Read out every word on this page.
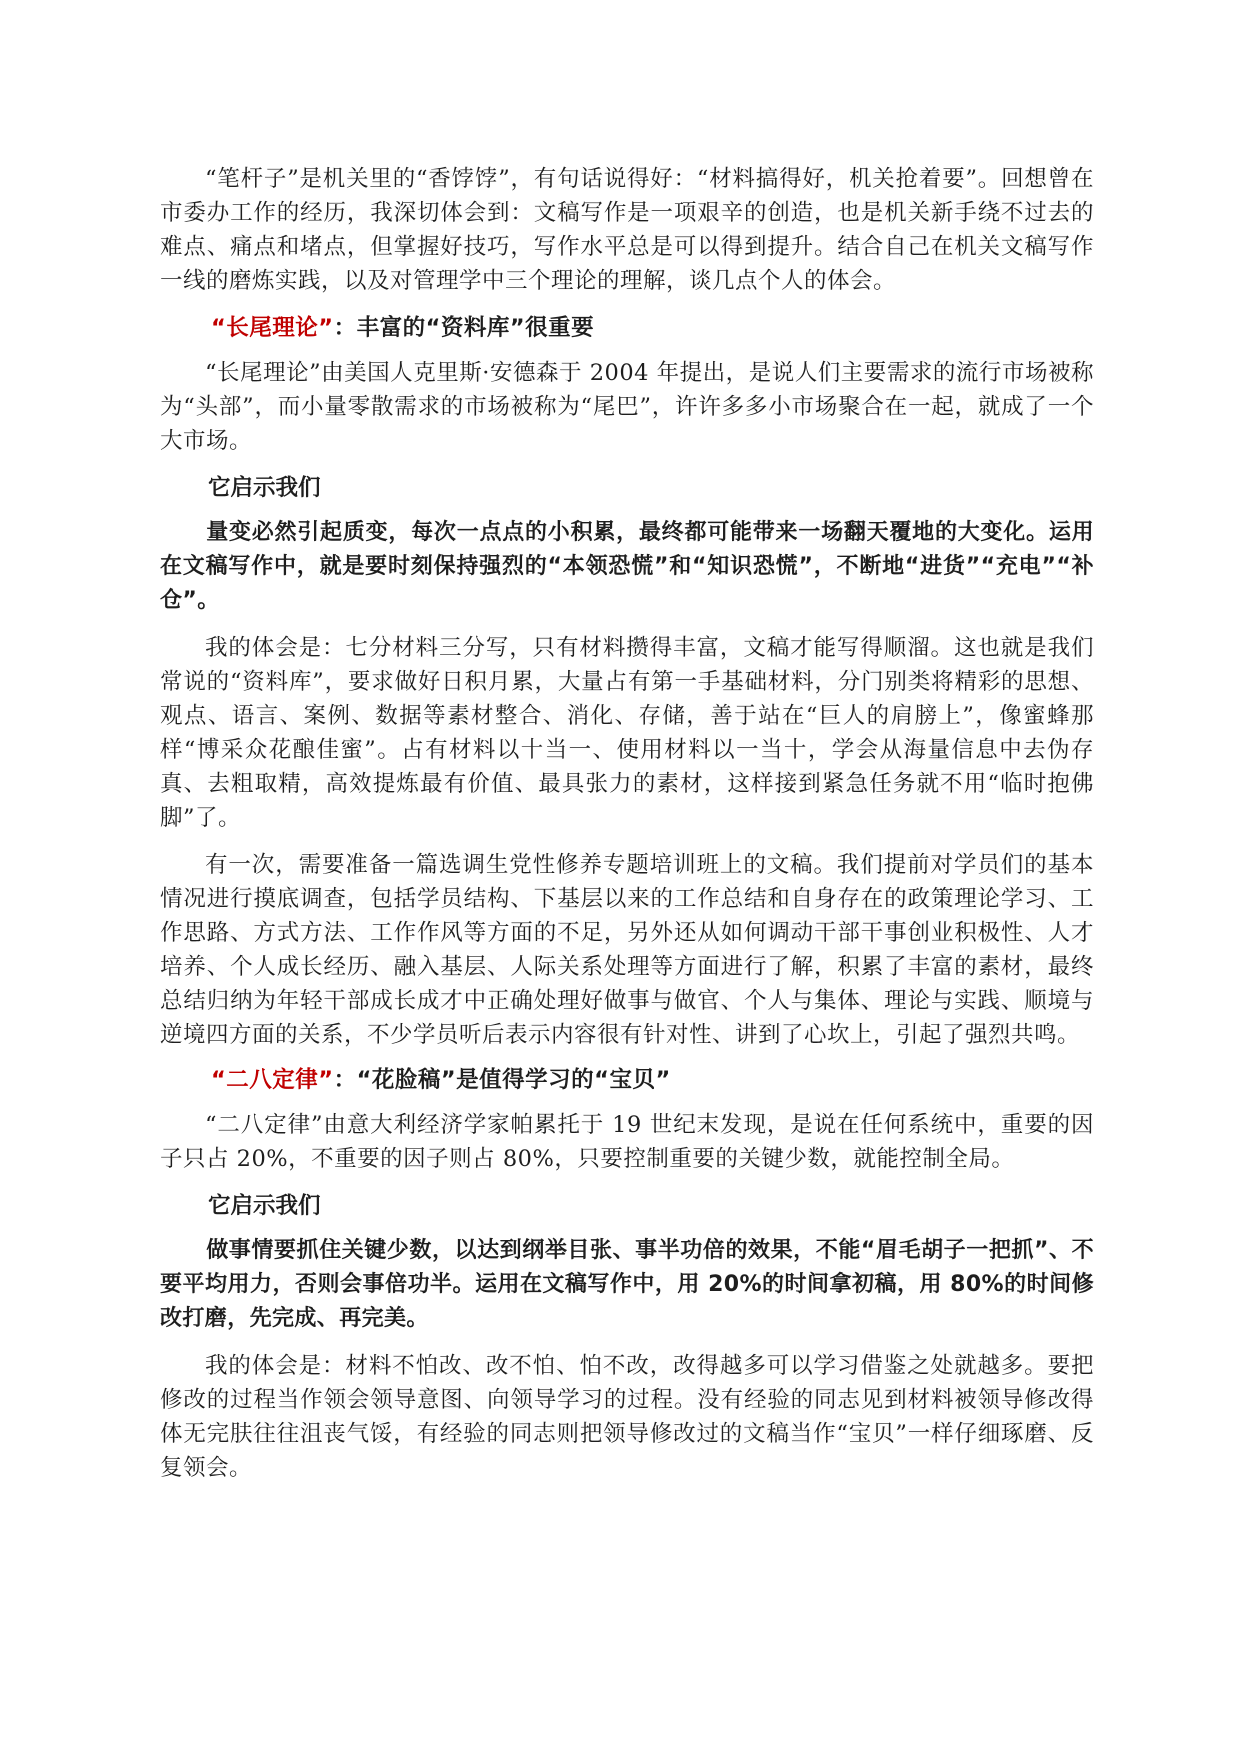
“笔杆子”是机关里的“香饽饽”，有句话说得好：“材料搞得好，机关抢着要”。回想曾在市委办工作的经历，我深切体会到：文稿写作是一项艰辛的创造，也是机关新手绕不过去的难点、痛点和堵点，但掌握好技巧，写作水平总是可以得到提升。结合自己在机关文稿写作一线的磨炼实践，以及对管理学中三个理论的理解，谈几点个人的体会。

“长尾理论”：丰富的“资料库”很重要

“长尾理论”由美国人克里斯·安德森于 2004 年提出，是说人们主要需求的流行市场被称为“头部”，而小量零散需求的市场被称为“尾巴”，许许多多小市场聚合在一起，就成了一个大市场。

它启示我们

量变必然引起质变，每次一点点的小积累，最终都可能带来一场翻天覆地的大变化。运用在文稿写作中，就是要时刻保持强烈的“本领恐慌”和“知识恐慌”，不断地“进货”“充电”“补仓”。

我的体会是：七分材料三分写，只有材料攒得丰富，文稿才能写得顺溜。这也就是我们常说的“资料库”，要求做好日积月累，大量占有第一手基础材料，分门别类将精彩的思想、观点、语言、案例、数据等素材整合、消化、存储，善于站在“巨人的肩膀上”，像蜜蜂那样“博采众花酿佳蜜”。占有材料以十当一、使用材料以一当十，学会从海量信息中去伪存真、去粗取精，高效提炼最有价值、最具张力的素材，这样接到紧急任务就不用“临时抱佛脚”了。

有一次，需要准备一篇选调生党性修养专题培训班上的文稿。我们提前对学员们的基本情况进行摸底调查，包括学员结构、下基层以来的工作总结和自身存在的政策理论学习、工作思路、方式方法、工作作风等方面的不足，另外还从如何调动干部干事创业积极性、人才培养、个人成长经历、融入基层、人际关系处理等方面进行了解，积累了丰富的素材，最终总结归纳为年轻干部成长成才中正确处理好做事与做官、个人与集体、理论与实践、顺境与逆境四方面的关系，不少学员听后表示内容很有针对性、讲到了心坎上，引起了强烈共鸣。

“二八定律”：“花脸稿”是值得学习的“宝贝”

“二八定律”由意大利经济学家帕累托于 19 世纪末发现，是说在任何系统中，重要的因子只占 20%，不重要的因子则占 80%，只要控制重要的关键少数，就能控制全局。

它启示我们

做事情要抓住关键少数，以达到纲举目张、事半功倍的效果，不能“眉毛胡子一把抓”、不要平均用力，否则会事倍功半。运用在文稿写作中，用 20%的时间拿初稿，用 80%的时间修改打磨，先完成、再完美。

我的体会是：材料不怕改、改不怕、怕不改，改得越多可以学习借鉴之处就越多。要把修改的过程当作领会领导意图、向领导学习的过程。没有经验的同志见到材料被领导修改得体无完肤往往沮丧气馁，有经验的同志则把领导修改过的文稿当作“宝贝”一样仔细琢磨、反复领会。
